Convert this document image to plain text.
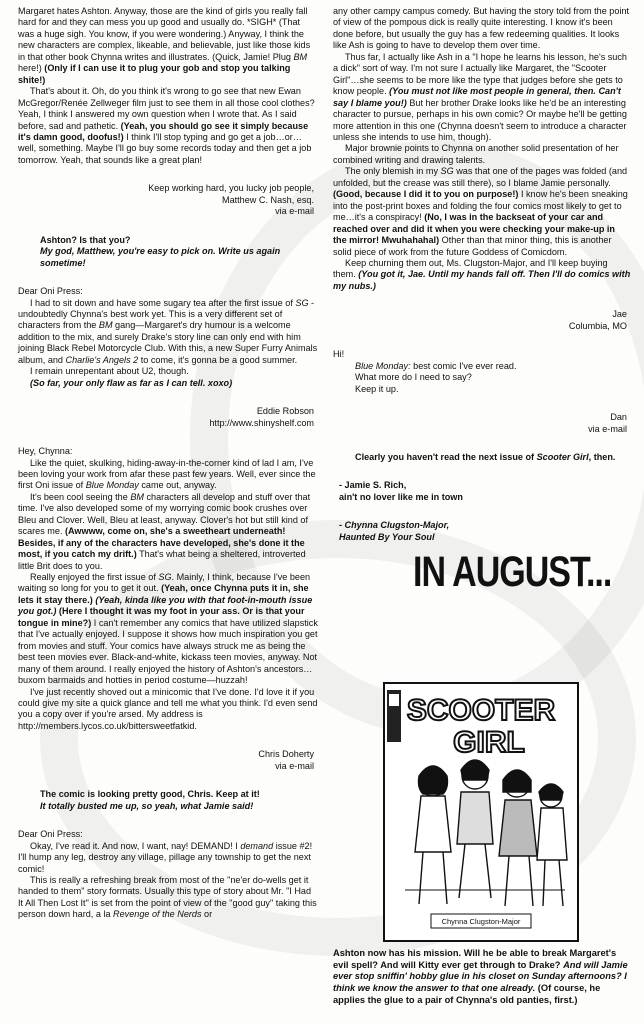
Margaret hates Ashton. Anyway, those are the kind of girls you really fall hard for and they can mess you up good and usually do. *SIGH* (That was a huge sigh. You know, if you were wondering.) Anyway, I think the new characters are complex, likeable, and believable, just like those kids in that other book Chynna writes and illustrates. (Quick, Jamie! Plug BM here!) (Only if I can use it to plug your gob and stop you talking shite!)

That's about it. Oh, do you think it's wrong to go see that new Ewan McGregor/Renée Zellweger film just to see them in all those cool clothes? Yeah, I think I answered my own question when I wrote that. As I said before, sad and pathetic. (Yeah, you should go see it simply because it's damn good, doofus!) I think I'll stop typing and go get a job…or…well, something. Maybe I'll go buy some records today and then get a job tomorrow. Yeah, that sounds like a great plan!

Keep working hard, you lucky job people,

Matthew C. Nash, esq.

via e-mail

Ashton? Is that you?

My god, Matthew, you're easy to pick on. Write us again sometime!

Dear Oni Press:

I had to sit down and have some sugary tea after the first issue of SG - undoubtedly Chynna's best work yet. This is a very different set of characters from the BM gang—Margaret's dry humour is a welcome addition to the mix, and surely Drake's story line can only end with him joining Black Rebel Motorcycle Club. With this, a new Super Furry Animals album, and Charlie's Angels 2 to come, it's gonna be a good summer.

I remain unrepentant about U2, though.

(So far, your only flaw as far as I can tell. xoxo)

Eddie Robson

http://www.shinyshelf.com

Hey, Chynna:

Like the quiet, skulking, hiding-away-in-the-corner kind of lad I am, I've been loving your work from afar these past few years. Well, ever since the first Oni issue of Blue Monday came out, anyway.

It's been cool seeing the BM characters all develop and stuff over that time. I've also developed some of my worrying comic book crushes over Bleu and Clover. Well, Bleu at least, anyway. Clover's hot but still kind of scares me. (Awwww, come on, she's a sweetheart underneath! Besides, if any of the characters have developed, she's done it the most, if you catch my drift.) That's what being a sheltered, introverted little Brit does to you.

Really enjoyed the first issue of SG. Mainly, I think, because I've been waiting so long for you to get it out. (Yeah, once Chynna puts it in, she lets it stay there.) (Yeah, kinda like you with that foot-in-mouth issue you got.) (Here I thought it was my foot in your ass. Or is that your tongue in mine?) I can't remember any comics that have utilized slapstick that I've actually enjoyed. I suppose it shows how much inspiration you get from movies and stuff. Your comics have always struck me as being the best teen movies ever. Black-and-white, kickass teen movies, anyway. Not many of them around. I really enjoyed the history of Ashton's ancestors…buxom barmaids and hotties in period costume—huzzah!

I've just recently shoved out a minicomic that I've done. I'd love it if you could give my site a quick glance and tell me what you think. I'd even send you a copy over if you're arsed. My address is http://members.lycos.co.uk/bittersweetfatkid.

Chris Doherty

via e-mail

The comic is looking pretty good, Chris. Keep at it!

It totally busted me up, so yeah, what Jamie said!

Dear Oni Press:

Okay, I've read it. And now, I want, nay! DEMAND! I demand issue #2! I'll hump any leg, destroy any village, pillage any township to get the next comic!

This is really a refreshing break from most of the "ne'er do-wells get it handed to them" story formats. Usually this type of story about Mr. "I Had It All Then Lost It" is set from the point of view of the "good guy" taking this person down hard, a la Revenge of the Nerds or

any other campy campus comedy. But having the story told from the point of view of the pompous dick is really quite interesting. I know it's been done before, but usually the guy has a few redeeming qualities. It looks like Ash is going to have to develop them over time.

Thus far, I actually like Ash in a "I hope he learns his lesson, he's such a dick" sort of way. I'm not sure I actually like Margaret, the "Scooter Girl"…she seems to be more like the type that judges before she gets to know people. (You must not like most people in general, then. Can't say I blame you!) But her brother Drake looks like he'd be an interesting character to pursue, perhaps in his own comic? Or maybe he'll be getting more attention in this one (Chynna doesn't seem to introduce a character unless she intends to use him, though).

Major brownie points to Chynna on another solid presentation of her combined writing and drawing talents.

The only blemish in my SG was that one of the pages was folded (and unfolded, but the crease was still there), so I blame Jamie personally. (Good, because I did it to you on purpose!) I know he's been sneaking into the post-print boxes and folding the four comics most likely to get to me…it's a conspiracy! (No, I was in the backseat of your car and reached over and did it when you were checking your make-up in the mirror! Mwuhahahal) Other than that minor thing, this is another solid piece of work from the future Goddess of Comicdom.

Keep churning them out, Ms. Clugston-Major, and I'll keep buying them. (You got it, Jae. Until my hands fall off. Then I'll do comics with my nubs.)

Jae

Columbia, MO

Hi!

Blue Monday: best comic I've ever read.

What more do I need to say?

Keep it up.

Dan

via e-mail

Clearly you haven't read the next issue of Scooter Girl, then.

- Jamie S. Rich,

ain't no lover like me in town

- Chynna Clugston-Major,

Haunted By Your Soul

IN AUGUST...
SCOOTER
GIRL
Chynna Clugston-Major

Ashton now has his mission. Will he be able to break Margaret's evil spell? And will Kitty ever get through to Drake? And will Jamie ever stop sniffin' hobby glue in his closet on Sunday afternoons? I think we know the answer to that one already. (Of course, he applies the glue to a pair of Chynna's old panties, first.)
